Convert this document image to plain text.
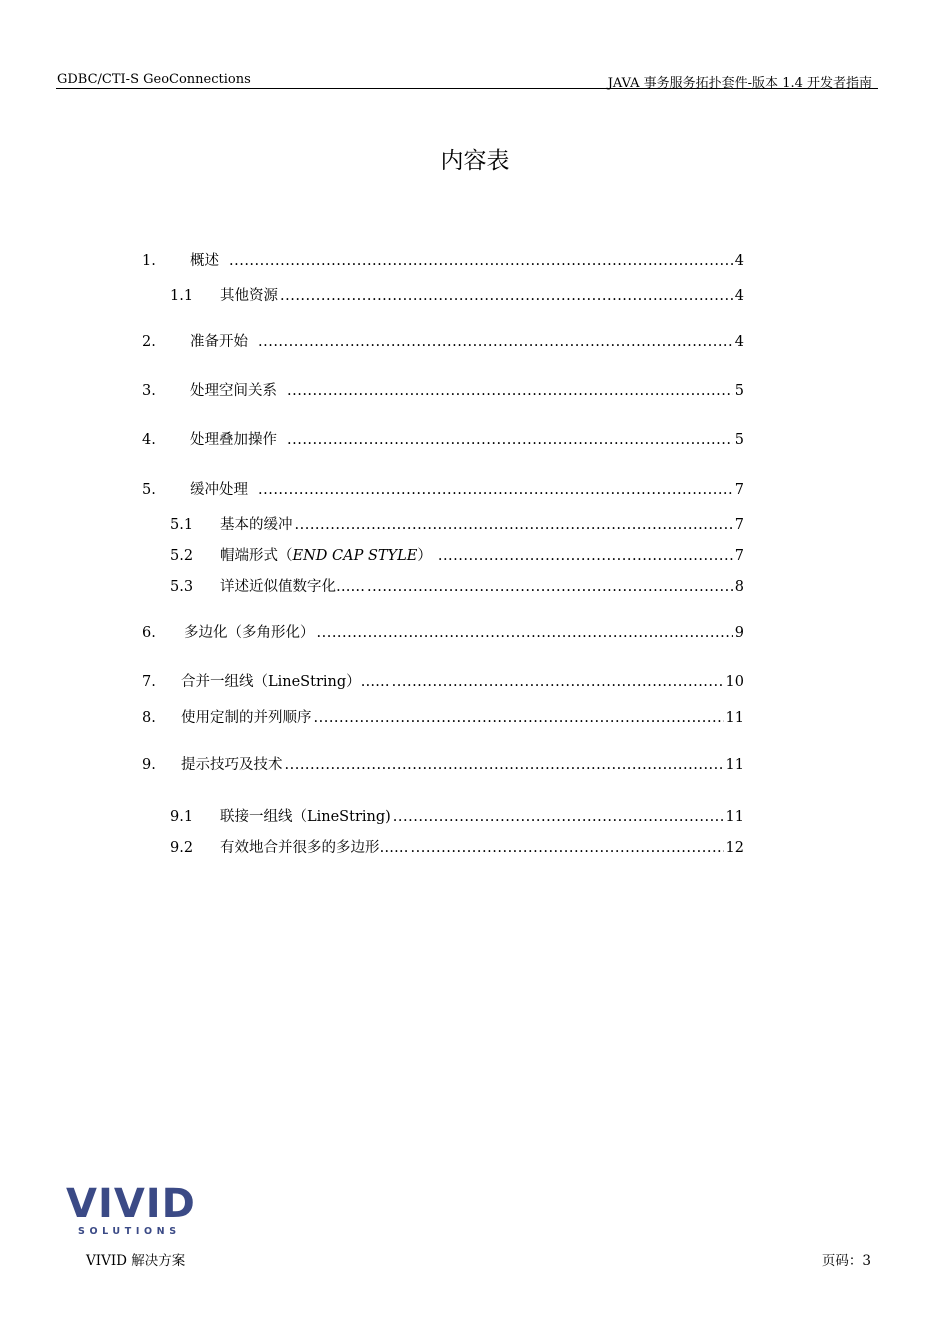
GDBC/CTI-S GeoConnections	JAVA 事务服务拓扑套件-版本 1.4 开发者指南
内容表
1.	概述 .....	4
1.1	其他资源 .....	4
2.	准备开始 .....	4
3.	处理空间关系 .....	5
4.	处理叠加操作 .....	5
5.	缓冲处理 .....	7
5.1	基本的缓冲 .....	7
5.2	帽端形式（END CAP STYLE） .....	7
5.3	详述近似值数字化…… .....	8
6.	多边化（多角形化） .....	9
7.	合并一组线（LineString）…… .....	10
8.	使用定制的并列顺序 .....	11
9.	提示技巧及技术 .....	11
9.1	联接一组线（LineString) .....	11
9.2	有效地合并很多的多边形…… .....	12
VIVID
SOLUTIONS
VIVID 解决方案	页码：3
